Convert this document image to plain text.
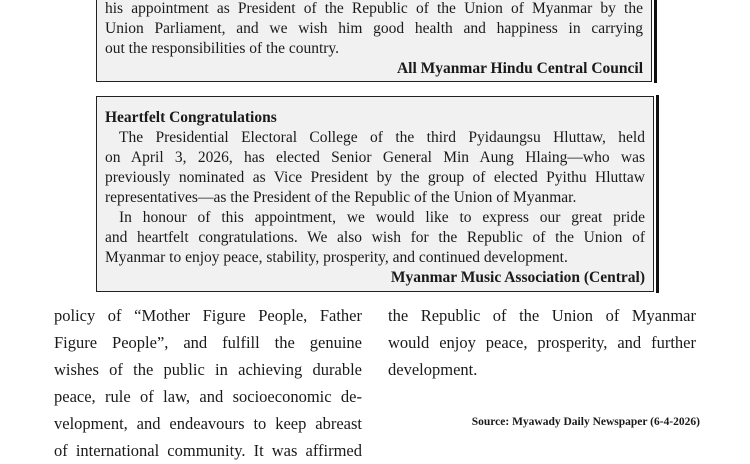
his appointment as President of the Republic of the Union of Myanmar by the
Union Parliament, and we wish him good health and happiness in carrying
out the responsibilities of the country.
All Myanmar Hindu Central Council
Heartfelt Congratulations
The Presidential Electoral College of the third Pyidaungsu Hluttaw, held
on April 3, 2026, has elected Senior General Min Aung Hlaing—who was
previously nominated as Vice President by the group of elected Pyithu Hluttaw
representatives—as the President of the Republic of the Union of Myanmar.
In honour of this appointment, we would like to express our great pride
and heartfelt congratulations. We also wish for the Republic of the Union of
Myanmar to enjoy peace, stability, prosperity, and continued development.
Myanmar Music Association (Central)
policy of “Mother Figure People, Father
Figure People”, and fulfill the genuine
wishes of the public in achieving durable
peace, rule of law, and socioeconomic de-
velopment, and endeavours to keep abreast
of international community. It was affirmed
the Republic of the Union of Myanmar
would enjoy peace, prosperity, and further
development.
Source: Myawady Daily Newspaper (6-4-2026)
